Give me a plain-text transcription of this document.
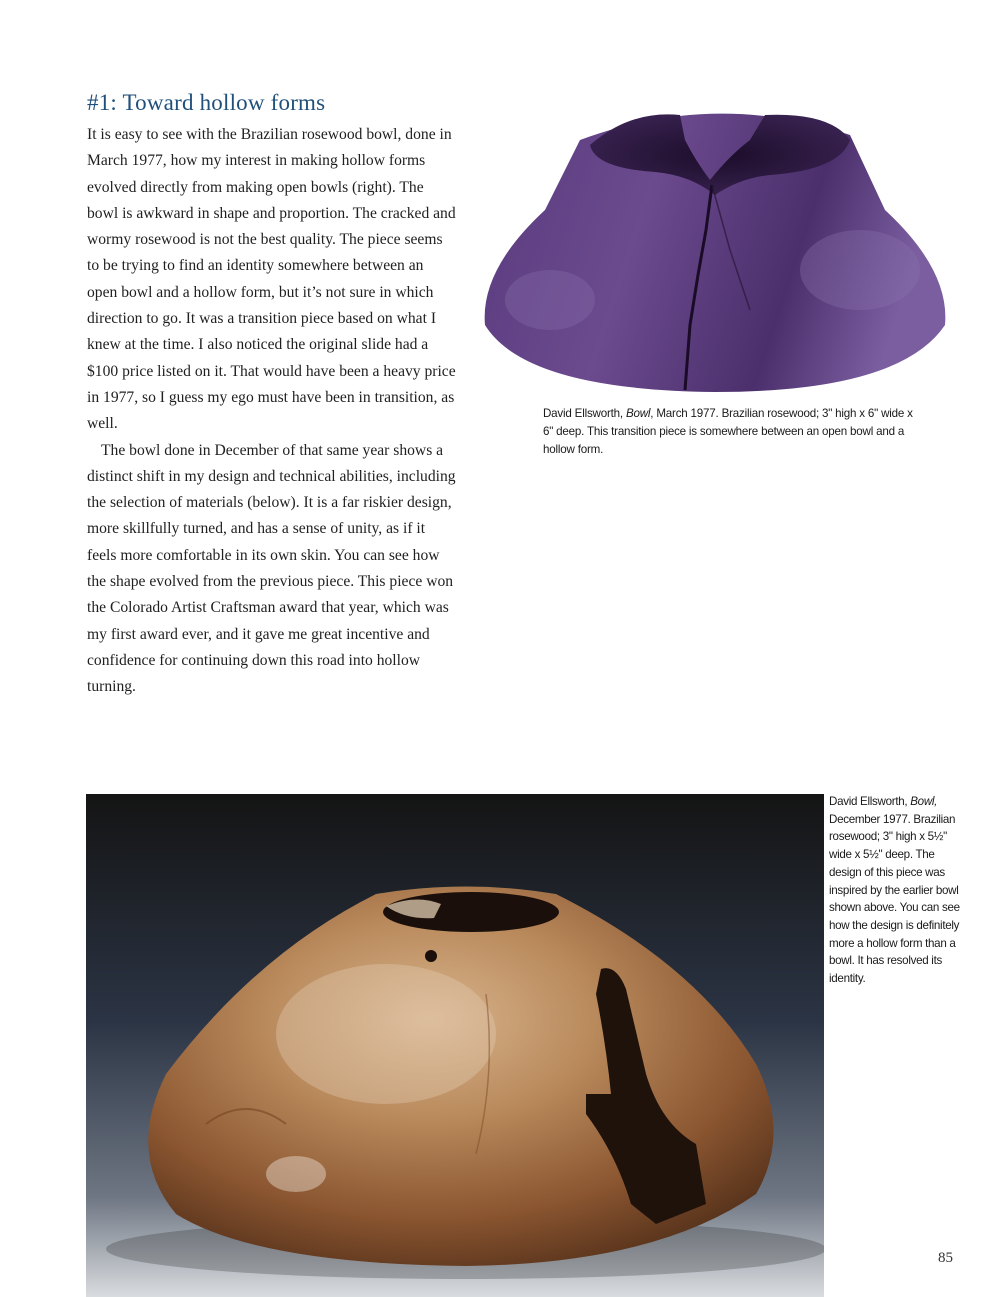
#1: Toward hollow forms

It is easy to see with the Brazilian rosewood bowl, done in March 1977, how my interest in making hollow forms evolved directly from making open bowls (right). The bowl is awkward in shape and proportion. The cracked and wormy rosewood is not the best quality. The piece seems to be trying to find an identity somewhere between an open bowl and a hollow form, but it’s not sure in which direction to go. It was a transition piece based on what I knew at the time. I also noticed the original slide had a $100 price listed on it. That would have been a heavy price in 1977, so I guess my ego must have been in transition, as well.

The bowl done in December of that same year shows a distinct shift in my design and technical abilities, including the selection of materials (below). It is a far riskier design, more skillfully turned, and has a sense of unity, as if it feels more comfortable in its own skin. You can see how the shape evolved from the previous piece. This piece won the Colorado Artist Craftsman award that year, which was my first award ever, and it gave me great incentive and confidence for continuing down this road into hollow turning.

David Ellsworth, Bowl, March 1977. Brazilian rosewood; 3" high x 6" wide x 6" deep. This transition piece is somewhere between an open bowl and a hollow form.
David Ellsworth, Bowl, December 1977. Brazilian rosewood; 3" high x 5½" wide x 5½" deep. The design of this piece was inspired by the earlier bowl shown above. You can see how the design is definitely more a hollow form than a bowl. It has resolved its identity.
85
